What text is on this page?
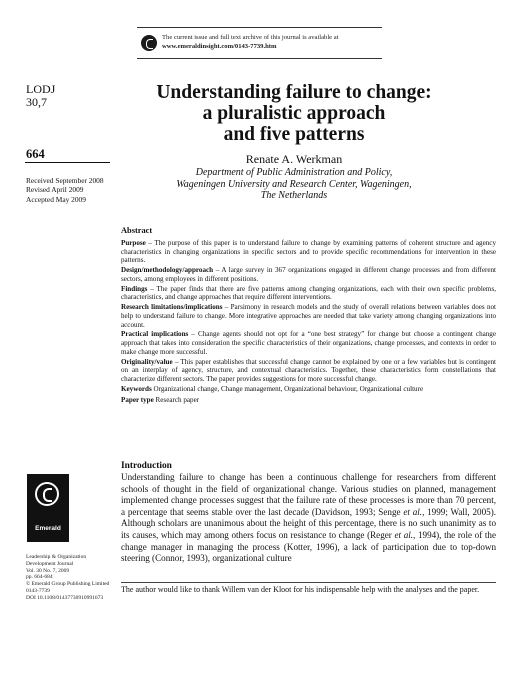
The current issue and full text archive of this journal is available at
www.emeraldinsight.com/0143-7739.htm
LODJ
30,7
664
Received September 2008
Revised April 2009
Accepted May 2009
Understanding failure to change:
a pluralistic approach
and five patterns
Renate A. Werkman
Department of Public Administration and Policy,
Wageningen University and Research Center, Wageningen,
The Netherlands
Abstract

Purpose – The purpose of this paper is to understand failure to change by examining patterns of coherent structure and agency characteristics in changing organizations in specific sectors and to provide specific recommendations for intervention in these patterns.

Design/methodology/approach – A large survey in 367 organizations engaged in different change processes and from different sectors, among employees in different positions.

Findings – The paper finds that there are five patterns among changing organizations, each with their own specific problems, characteristics, and change approaches that require different interventions.

Research limitations/implications – Parsimony in research models and the study of overall relations between variables does not help to understand failure to change. More integrative approaches are needed that take variety among changing organizations into account.

Practical implications – Change agents should not opt for a “one best strategy” for change but choose a contingent change approach that takes into consideration the specific characteristics of their organizations, change processes, and contexts in order to make change more successful.

Originality/value – This paper establishes that successful change cannot be explained by one or a few variables but is contingent on an interplay of agency, structure, and contextual characteristics. Together, these characteristics form constellations that characterize different sectors. The paper provides suggestions for more successful change.

Keywords Organizational change, Change management, Organizational behaviour, Organizational culture

Paper type Research paper

Introduction

Understanding failure to change has been a continuous challenge for researchers from different schools of thought in the field of organizational change. Various studies on planned, management implemented change processes suggest that the failure rate of these processes is more than 70 percent, a percentage that seems stable over the last decade (Davidson, 1993; Senge et al., 1999; Wall, 2005). Although scholars are unanimous about the height of this percentage, there is no such unanimity as to its causes, which may among others focus on resistance to change (Reger et al., 1994), the role of the change manager in managing the process (Kotter, 1996), a lack of participation due to top-down steering (Connor, 1993), organizational culture

The author would like to thank Willem van der Kloot for his indispensable help with the analyses and the paper.
Emerald
Leadership & Organization
Development Journal
Vol. 30 No. 7, 2009
pp. 664-684
© Emerald Group Publishing Limited
0143-7739
DOI 10.1108/01437730910991673
